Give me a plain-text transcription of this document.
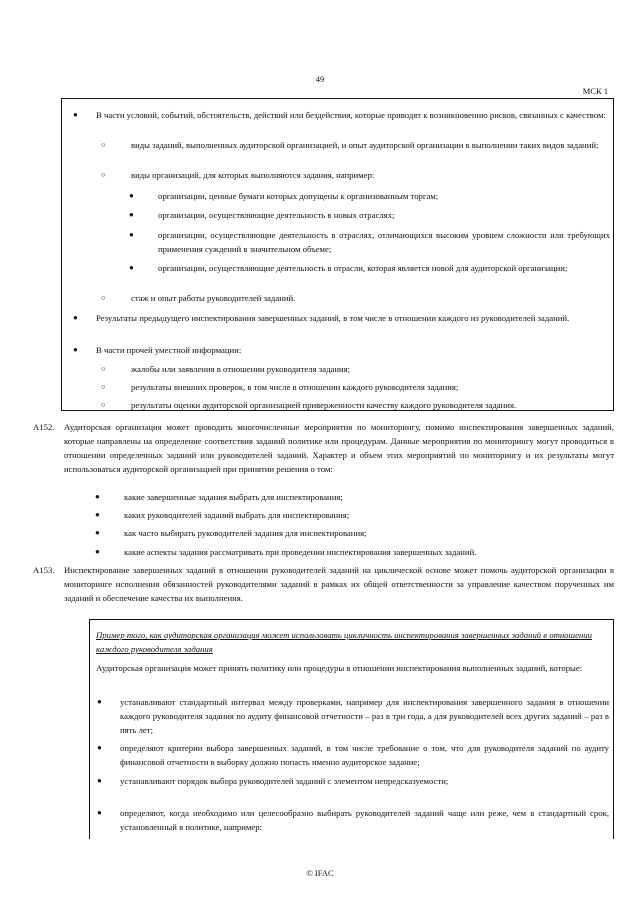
49
МСК 1
● В части условий, событий, обстоятельств, действий или бездействия, которые приводят к возникновению рисков, связанных с качеством:
○	виды заданий, выполненных аудиторской организацией, и опыт аудиторской организации в выполнении таких видов заданий;
○	виды организаций, для которых выполняются задания, например:
●	организации, ценные бумаги которых допущены к организованным торгам;
●	организации, осуществляющие деятельность в новых отраслях;
●	организации, осуществляющие деятельность в отраслях, отличающихся высоким уровнем сложности или требующих применения суждений в значительном объеме;
●	организации, осуществляющие деятельность в отрасли, которая является новой для аудиторской организации;
○	стаж и опыт работы руководителей заданий.
● Результаты предыдущего инспектирования завершенных заданий, в том числе в отношении каждого из руководителей заданий.
● В части прочей уместной информации:
○	жалобы или заявления в отношении руководителя задания;
○	результаты внешних проверок, в том числе в отношении каждого руководителя задания;
○	результаты оценки аудиторской организацией приверженности качеству каждого руководителя задания.
A152. Аудиторская организация может проводить многочисленные мероприятия по мониторингу, помимо инспектирования завершенных заданий, которые направлены на определение соответствия заданий политике или процедурам. Данные мероприятия по мониторингу могут проводиться в отношении определенных заданий или руководителей заданий. Характер и объем этих мероприятий по мониторингу и их результаты могут использоваться аудиторской организацией при принятии решения о том:
●	какие завершенные задания выбрать для инспектирования;
●	каких руководителей заданий выбрать для инспектирования;
●	как часто выбирать руководителей задания для инспектирования;
●	какие аспекты задания рассматривать при проведении инспектирования завершенных заданий.
A153. Инспектирование завершенных заданий в отношении руководителей заданий на циклической основе может помочь аудиторской организации в мониторинге исполнения обязанностей руководителями заданий в рамках их общей ответственности за управление качеством порученных им заданий и обеспечение качества их выполнения.
Пример того, как аудиторская организация может использовать цикличность инспектирования завершенных заданий в отношении каждого руководителя задания
Аудиторская организация может принять политику или процедуры в отношении инспектирования выполненных заданий, которые:
● устанавливают стандартный интервал между проверками, например для инспектирования завершенного задания в отношении каждого руководителя задания по аудиту финансовой отчетности – раз в три года, а для руководителей всех других заданий – раз в пять лет;
● определяют критерии выбора завершенных заданий, в том числе требование о том, что для руководителя заданий по аудиту финансовой отчетности в выборку должно попасть именно аудиторское задание;
● устанавливают порядок выбора руководителей заданий с элементом непредсказуемости;
● определяют, когда необходимо или целесообразно выбирать руководителей заданий чаще или реже, чем в стандартный срок, установленный в политике, например:
© IFAC
